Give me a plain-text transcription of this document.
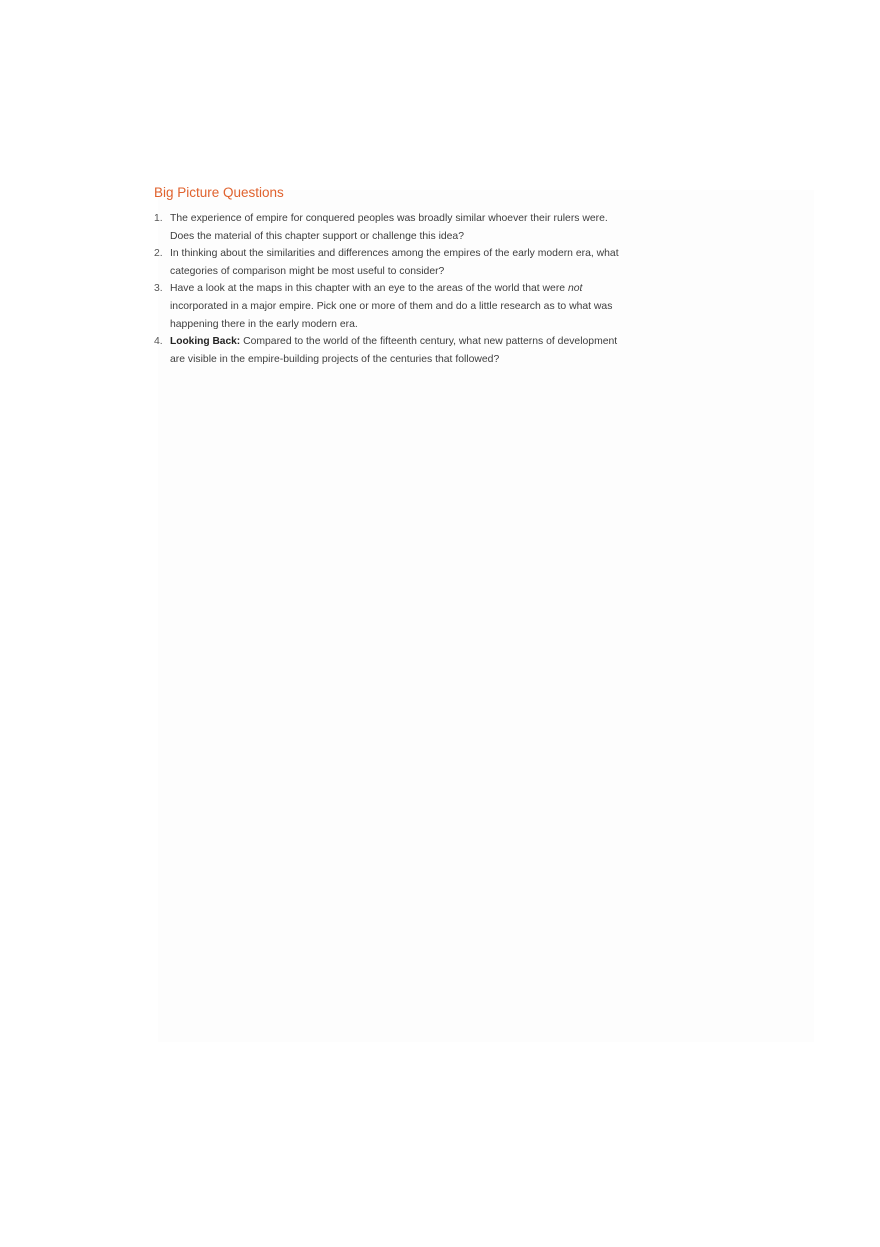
Big Picture Questions
1. The experience of empire for conquered peoples was broadly similar whoever their rulers were. Does the material of this chapter support or challenge this idea?
2. In thinking about the similarities and differences among the empires of the early modern era, what categories of comparison might be most useful to consider?
3. Have a look at the maps in this chapter with an eye to the areas of the world that were not incorporated in a major empire. Pick one or more of them and do a little research as to what was happening there in the early modern era.
4. Looking Back: Compared to the world of the fifteenth century, what new patterns of development are visible in the empire-building projects of the centuries that followed?
